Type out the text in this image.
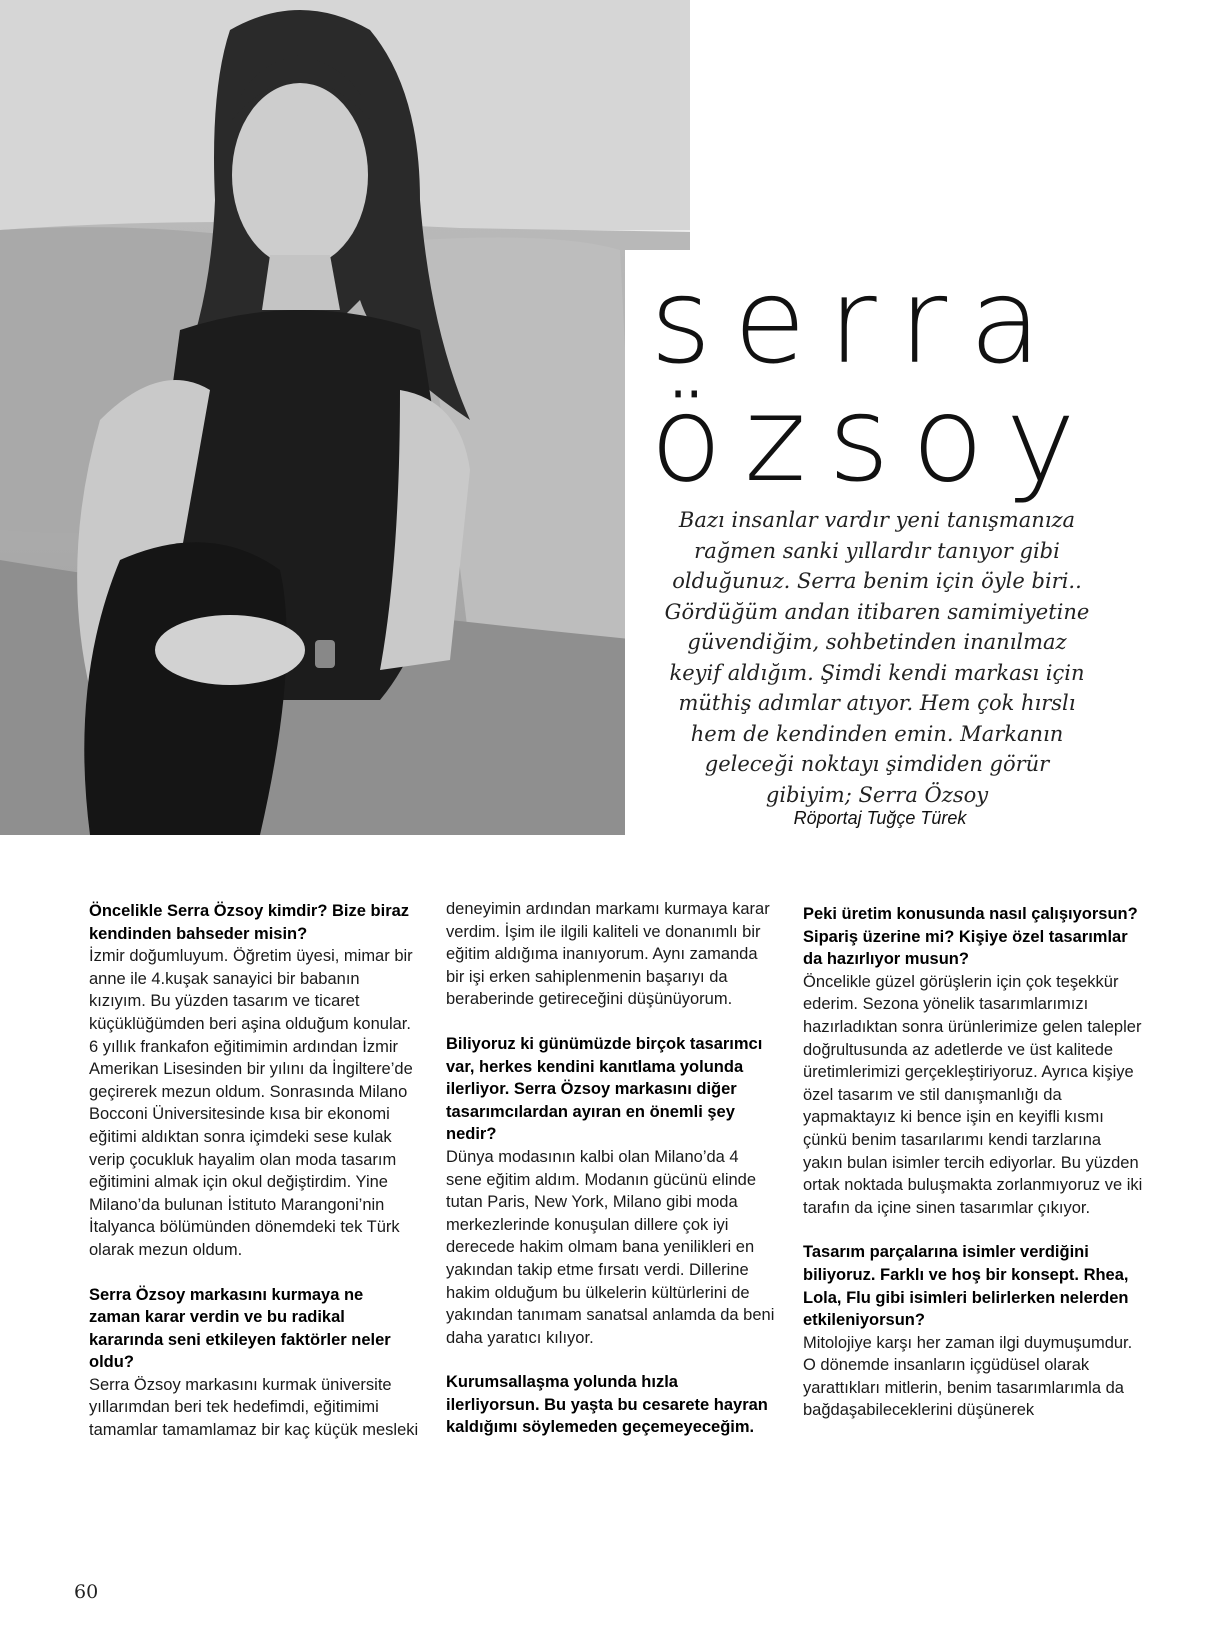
serra
özsoy
Bazı insanlar vardır yeni tanışmanıza rağmen sanki yıllardır tanıyor gibi olduğunuz. Serra benim için öyle biri.. Gördüğüm andan itibaren samimiyetine güvendiğim, sohbetinden inanılmaz keyif aldığım. Şimdi kendi markası için müthiş adımlar atıyor. Hem çok hırslı hem de kendinden emin. Markanın geleceği noktayı şimdiden görür gibiyim; Serra Özsoy
Röportaj Tuğçe Türek

Öncelikle Serra Özsoy kimdir? Bize biraz kendinden bahseder misin?

İzmir doğumluyum. Öğretim üyesi, mimar bir anne ile 4.kuşak sanayici bir babanın kızıyım. Bu yüzden tasarım ve ticaret küçüklüğümden beri aşina olduğum konular. 6 yıllık frankafon eğitimimin ardından İzmir Amerikan Lisesinden bir yılını da İngiltere’de geçirerek mezun oldum. Sonrasında Milano Bocconi Üniversitesinde kısa bir ekonomi eğitimi aldıktan sonra içimdeki sese kulak verip çocukluk hayalim olan moda tasarım eğitimini almak için okul değiştirdim. Yine Milano’da bulunan İstituto Marangoni’nin İtalyanca bölümünden dönemdeki tek Türk olarak mezun oldum.

Serra Özsoy markasını kurmaya ne zaman karar verdin ve bu radikal kararında seni etkileyen faktörler neler oldu?

Serra Özsoy markasını kurmak üniversite yıllarımdan beri tek hedefimdi, eğitimimi tamamlar tamamlamaz bir kaç küçük mesleki

deneyimin ardından markamı kurmaya karar verdim. İşim ile ilgili kaliteli ve donanımlı bir eğitim aldığıma inanıyorum. Aynı zamanda bir işi erken sahiplenmenin başarıyı da beraberinde getireceğini düşünüyorum.

Biliyoruz ki günümüzde birçok tasarımcı var, herkes kendini kanıtlama yolunda ilerliyor. Serra Özsoy markasını diğer tasarımcılardan ayıran en önemli şey nedir?

Dünya modasının kalbi olan Milano’da 4 sene eğitim aldım. Modanın gücünü elinde tutan Paris, New York, Milano gibi moda merkezlerinde konuşulan dillere çok iyi derecede hakim olmam bana yenilikleri en yakından takip etme fırsatı verdi. Dillerine hakim olduğum bu ülkelerin kültürlerini de yakından tanımam sanatsal anlamda da beni daha yaratıcı kılıyor.

Kurumsallaşma yolunda hızla ilerliyorsun. Bu yaşta bu cesarete hayran kaldığımı söylemeden geçemeyeceğim.

Peki üretim konusunda nasıl çalışıyorsun? Sipariş üzerine mi? Kişiye özel tasarımlar da hazırlıyor musun?

Öncelikle güzel görüşlerin için çok teşekkür ederim. Sezona yönelik tasarımlarımızı hazırladıktan sonra ürünlerimize gelen talepler doğrultusunda az adetlerde ve üst kalitede üretimlerimizi gerçekleştiriyoruz. Ayrıca kişiye özel tasarım ve stil danışmanlığı da yapmaktayız ki bence işin en keyifli kısmı çünkü benim tasarılarımı kendi tarzlarına yakın bulan isimler tercih ediyorlar. Bu yüzden ortak noktada buluşmakta zorlanmıyoruz ve iki tarafın da içine sinen tasarımlar çıkıyor.

Tasarım parçalarına isimler verdiğini biliyoruz. Farklı ve hoş bir konsept. Rhea, Lola, Flu gibi isimleri belirlerken nelerden etkileniyorsun?

Mitolojiye karşı her zaman ilgi duymuşumdur. O dönemde insanların içgüdüsel olarak yarattıkları mitlerin, benim tasarımlarımla da bağdaşabileceklerini düşünerek

60
